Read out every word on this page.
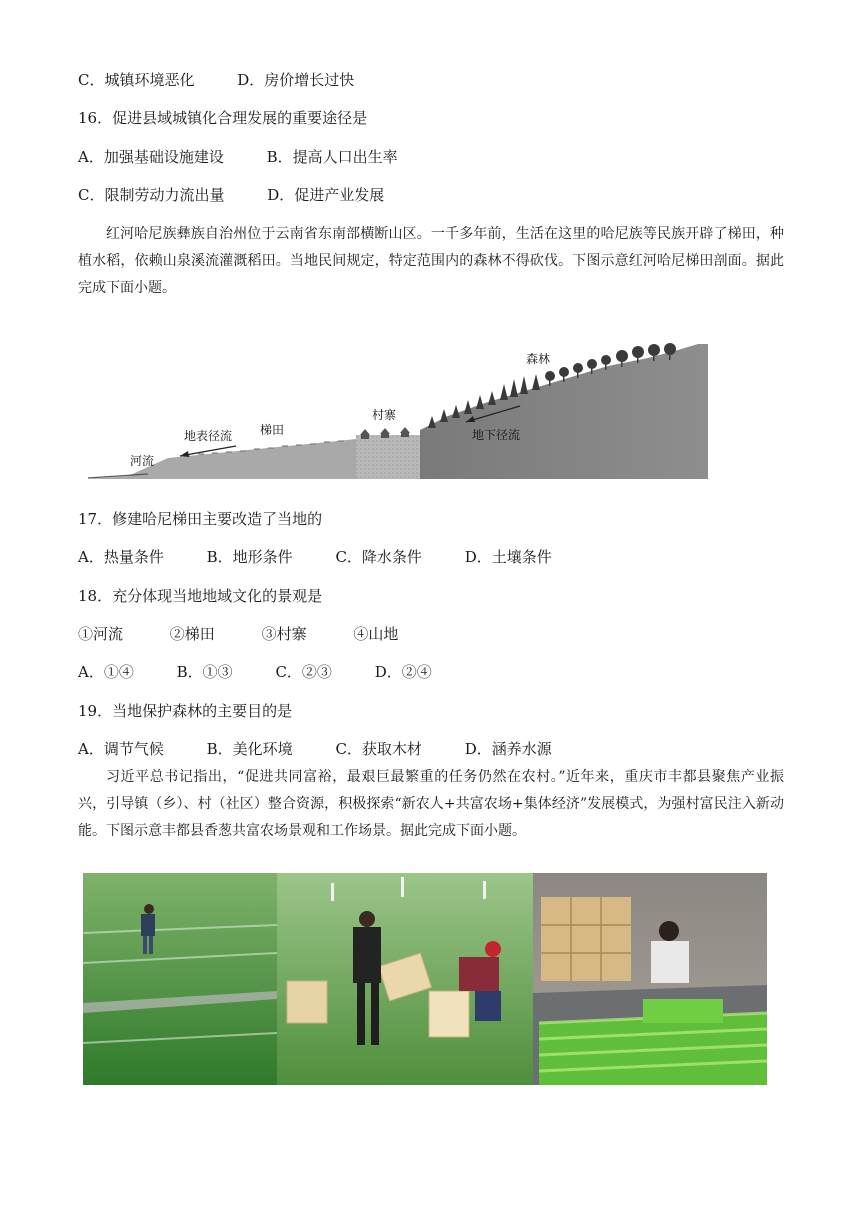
C．城镇环境恶化	D．房价增长过快
16．促进县域城镇化合理发展的重要途径是
A．加强基础设施建设	B．提高人口出生率
C．限制劳动力流出量	D．促进产业发展
红河哈尼族彝族自治州位于云南省东南部横断山区。一千多年前，生活在这里的哈尼族等民族开辟了梯田，种植水稻，依赖山泉溪流灌溉稻田。当地民间规定，特定范围内的森林不得砍伐。下图示意红河哈尼梯田剖面。据此完成下面小题。
河流
地表径流 梯田
村寨
森林
地下径流
17．修建哈尼梯田主要改造了当地的
A．热量条件	B．地形条件	C．降水条件	D．土壤条件
18．充分体现当地地域文化的景观是
①河流	②梯田	③村寨	④山地
A．①④	B．①③	C．②③	D．②④
19．当地保护森林的主要目的是
A．调节气候	B．美化环境	C．获取木材	D．涵养水源
习近平总书记指出，“促进共同富裕，最艰巨最繁重的任务仍然在农村。”近年来，重庆市丰都县聚焦产业振兴，引导镇（乡）、村（社区）整合资源，积极探索“新农人+共富农场+集体经济”发展模式，为强村富民注入新动能。下图示意丰都县香葱共富农场景观和工作场景。据此完成下面小题。
